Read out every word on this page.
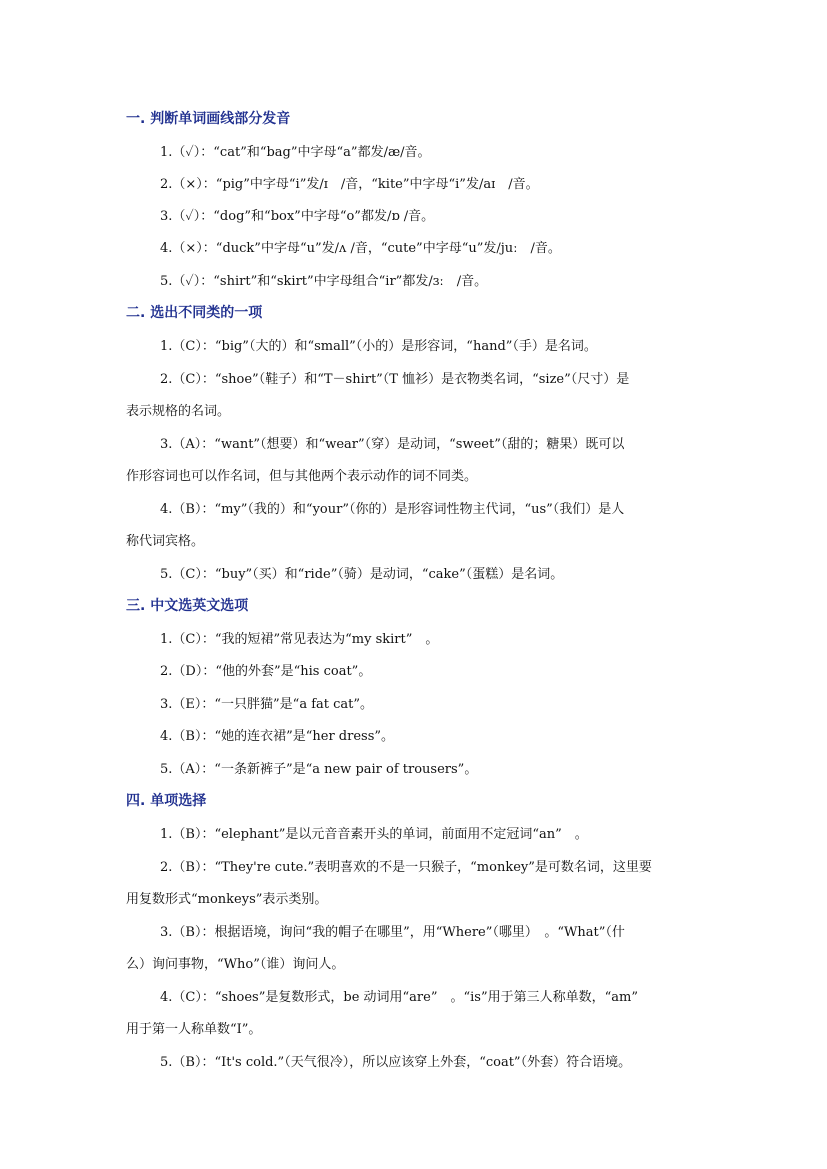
一. 判断单词画线部分发音
1.（✓）：“cat”和“bag”中字母“a”都发/æ/音。
2.（×）：“pig”中字母“i”发/ɪ　/音，“kite”中字母“i”发/aɪ　/音。
3.（✓）：“dog”和“box”中字母“o”都发/ɒ /音。
4.（×）：“duck”中字母“u”发/ʌ /音，“cute”中字母“u”发/juː　/音。
5.（✓）：“shirt”和“skirt”中字母组合“ir”都发/ɜː　/音。
二. 选出不同类的一项
1.（C）：“big”（大的）和“small”（小的）是形容词，“hand”（手）是名词。
2.（C）：“shoe”（鞋子）和“T－shirt”（T 恤衫）是衣物类名词，“size”（尺寸）是
表示规格的名词。
3.（A）：“want”（想要）和“wear”（穿）是动词，“sweet”（甜的；糖果）既可以
作形容词也可以作名词，但与其他两个表示动作的词不同类。
4.（B）：“my”（我的）和“your”（你的）是形容词性物主代词，“us”（我们）是人
称代词宾格。
5.（C）：“buy”（买）和“ride”（骑）是动词，“cake”（蛋糕）是名词。
三. 中文选英文选项
1.（C）：“我的短裙”常见表达为“my skirt”　。
2.（D）：“他的外套”是“his coat”。
3.（E）：“一只胖猫”是“a fat cat”。
4.（B）：“她的连衣裙”是“her dress”。
5.（A）：“一条新裤子”是“a new pair of trousers”。
四. 单项选择
1.（B）：“elephant”是以元音音素开头的单词，前面用不定冠词“an”　。
2.（B）：“They're cute.”表明喜欢的不是一只猴子，“monkey”是可数名词，这里要
用复数形式“monkeys”表示类别。
3.（B）：根据语境，询问“我的帽子在哪里”，用“Where”（哪里）　。“What”（什
么）询问事物，“Who”（谁）询问人。
4.（C）：“shoes”是复数形式，be 动词用“are”　。“is”用于第三人称单数，“am”
用于第一人称单数“I”。
5.（B）：“It's cold.”（天气很冷），所以应该穿上外套，“coat”（外套）符合语境。
